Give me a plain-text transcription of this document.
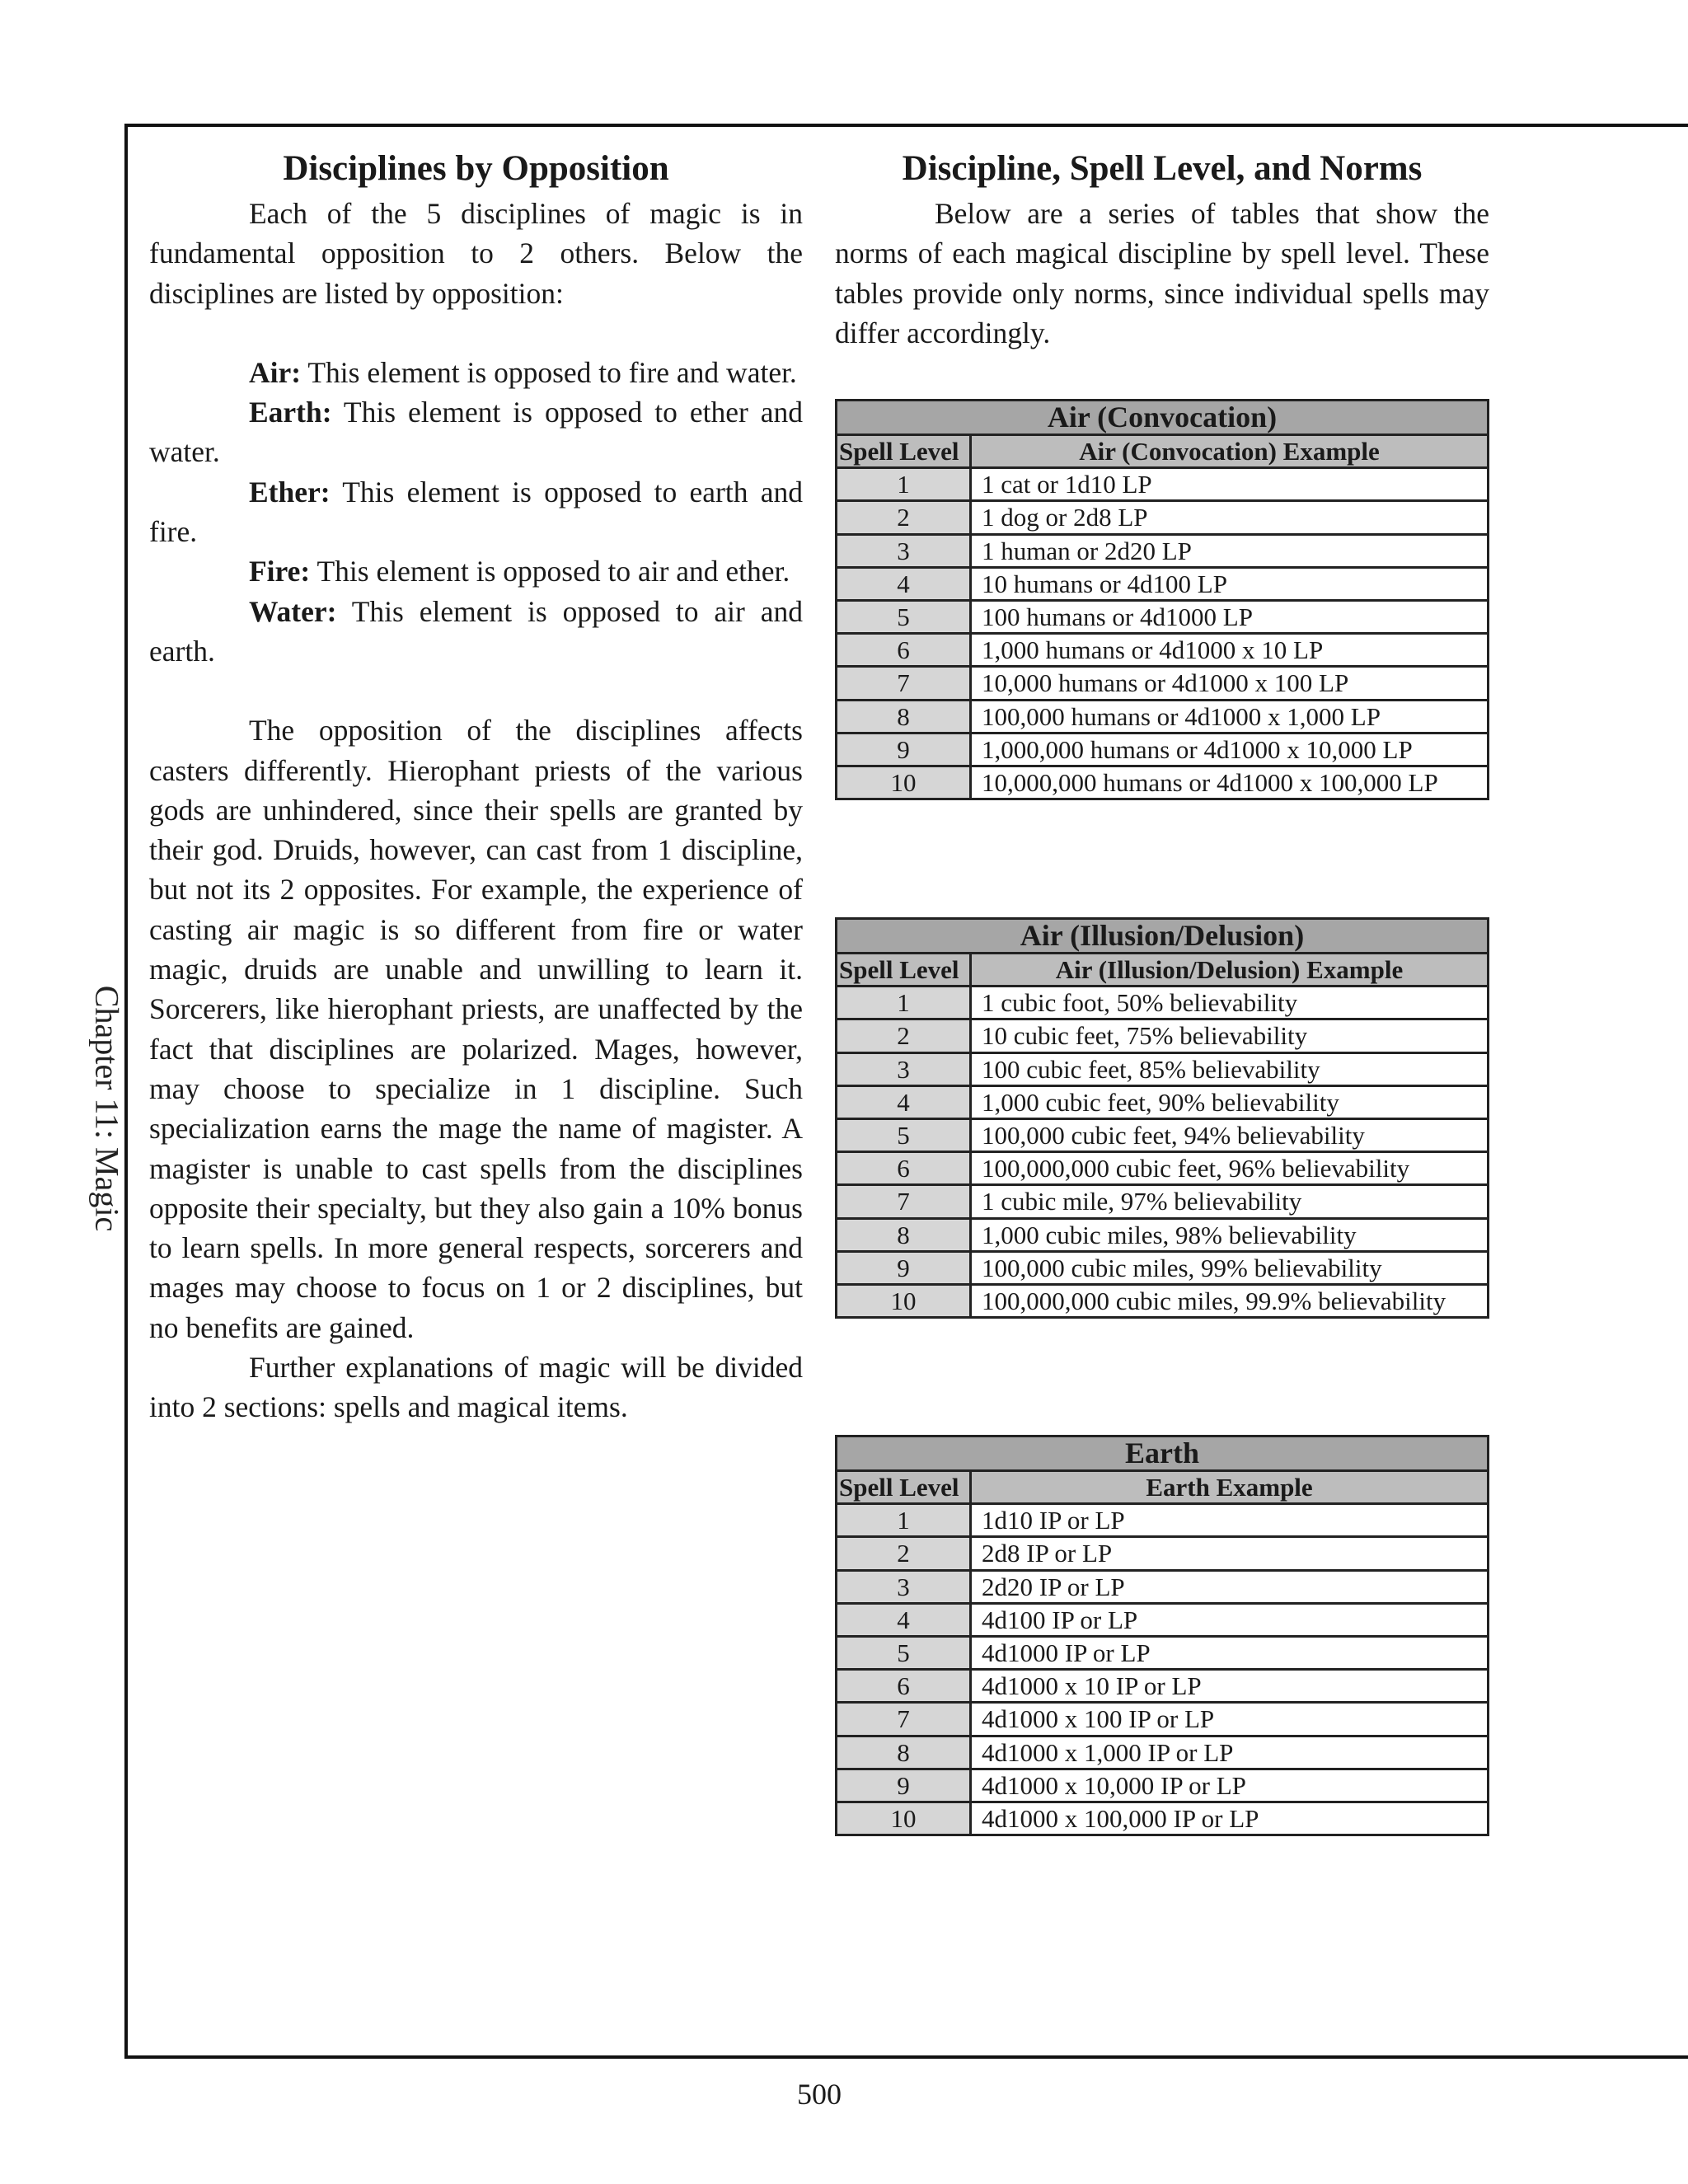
Chapter 11: Magic
Disciplines by Opposition

Each of the 5 disciplines of magic is in fundamental opposition to 2 others. Below the disciplines are listed by opposition:

Air: This element is opposed to fire and water.

Earth: This element is opposed to ether and water.

Ether: This element is opposed to earth and fire.

Fire: This element is opposed to air and ether.

Water: This element is opposed to air and earth.

The opposition of the disciplines affects casters differently. Hierophant priests of the various gods are unhindered, since their spells are granted by their god. Druids, however, can cast from 1 discipline, but not its 2 opposites. For example, the experience of casting air magic is so different from fire or water magic, druids are unable and unwilling to learn it. Sorcerers, like hierophant priests, are unaffected by the fact that disciplines are polarized. Mages, however, may choose to specialize in 1 discipline. Such specialization earns the mage the name of magister. A magister is unable to cast spells from the disciplines opposite their specialty, but they also gain a 10% bonus to learn spells. In more general respects, sorcerers and mages may choose to focus on 1 or 2 disciplines, but no benefits are gained.

Further explanations of magic will be divided into 2 sections: spells and magical items.

Discipline, Spell Level, and Norms

Below are a series of tables that show the norms of each magical discipline by spell level. These tables provide only norms, since individual spells may differ accordingly.

Air (Convocation)	
Spell Level	Air (Convocation) Example
1	1 cat or 1d10 LP
2	1 dog or 2d8 LP
3	1 human or 2d20 LP
4	10 humans or 4d100 LP
5	100 humans or 4d1000 LP
6	1,000 humans or 4d1000 x 10 LP
7	10,000 humans or 4d1000 x 100 LP
8	100,000 humans or 4d1000 x 1,000 LP
9	1,000,000 humans or 4d1000 x 10,000 LP
10	10,000,000 humans or 4d1000 x 100,000 LP
Air (Illusion/Delusion)	
Spell Level	Air (Illusion/Delusion) Example
1	1 cubic foot, 50% believability
2	10 cubic feet, 75% believability
3	100 cubic feet, 85% believability
4	1,000 cubic feet, 90% believability
5	100,000 cubic feet, 94% believability
6	100,000,000 cubic feet, 96% believability
7	1 cubic mile, 97% believability
8	1,000 cubic miles, 98% believability
9	100,000 cubic miles, 99% believability
10	100,000,000 cubic miles, 99.9% believability
Earth	
Spell Level	Earth Example
1	1d10 IP or LP
2	2d8 IP or LP
3	2d20 IP or LP
4	4d100 IP or LP
5	4d1000 IP or LP
6	4d1000 x 10 IP or LP
7	4d1000 x 100 IP or LP
8	4d1000 x 1,000 IP or LP
9	4d1000 x 10,000 IP or LP
10	4d1000 x 100,000 IP or LP
500
